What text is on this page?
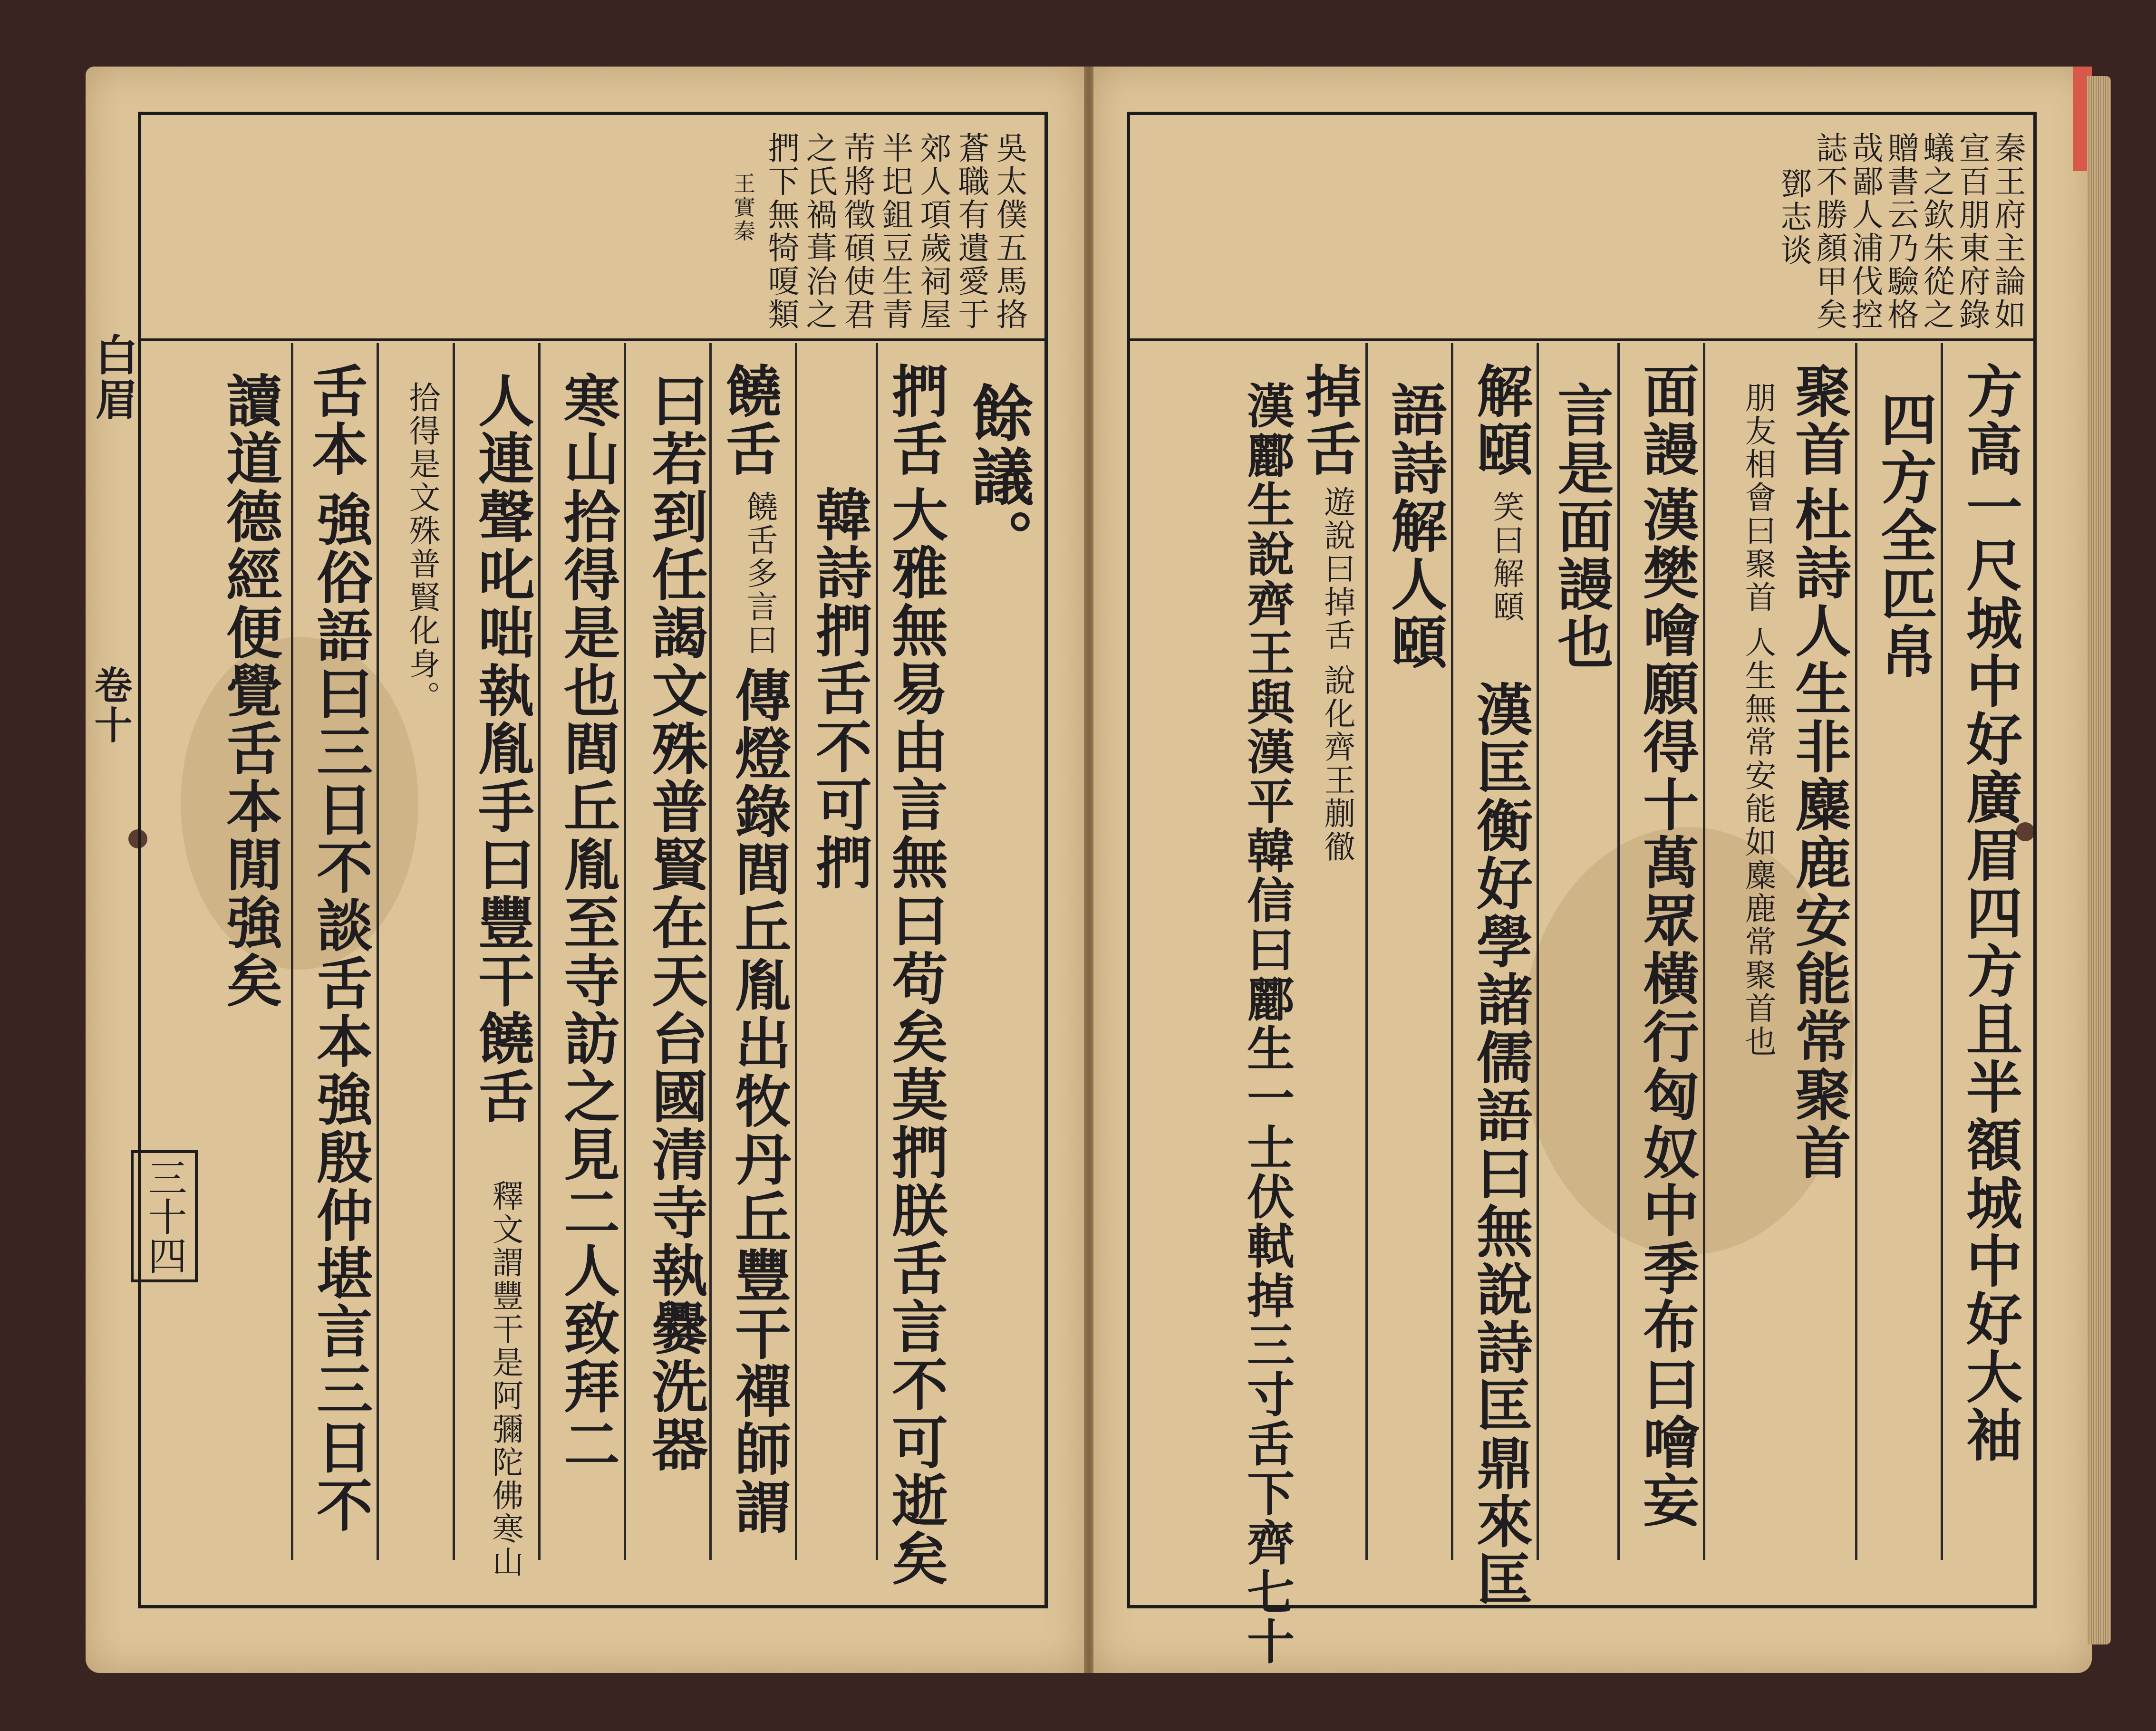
白眉
卷十
三十四
吳太僕五馬挌
蒼職有遺愛于
郊人項歲祠屋
半圯鉏豆生青
芾將徵碩使君
之氏禍葺治之
捫下無犄嗄類
王實秦
餘議。
捫舌
大雅無易由言無曰苟矣莫捫朕舌言不可逝矣
韓詩捫舌不可捫
饒舌
饒舌多言曰
傳燈錄閭丘胤出牧丹丘豐干禪師謂
曰若到任謁文殊普賢在天台國清寺執爨洗器
寒山拾得是也閭丘胤至寺訪之見二人致拜二
人連聲叱咄執胤手曰豐干饒舌
釋文謂豐干是阿彌陀佛寒山
拾得是文殊普賢化身。
舌本
強俗語曰三日不談舌本強殷仲堪言三日不
讀道德經便覺舌本閒強矣
秦王府主論如
宣百朋東府錄
蟻之欽朱從之
贈書云乃驗格
哉鄙人浦伐控
誌不勝顏甲矣
鄧志谈
方高一尺城中好廣眉四方且半額城中好大袖
四方全匹帛
聚首
杜詩人生非麋鹿安能常聚首
朋友相會曰聚首 人生無常安能如麋鹿常聚首也
面謾
漢樊噲願得十萬眾橫行匈奴中季布曰噲妄
言是面謾也
解頤
笑曰解頤
漢匡衡好學諸儒語曰無說詩匡鼎來匡
語詩解人頤
掉舌
遊說曰掉舌 說化齊王蒯徹
漢酈生說齊王與漢平韓信曰酈生一士伏軾掉三寸舌下齊七十
